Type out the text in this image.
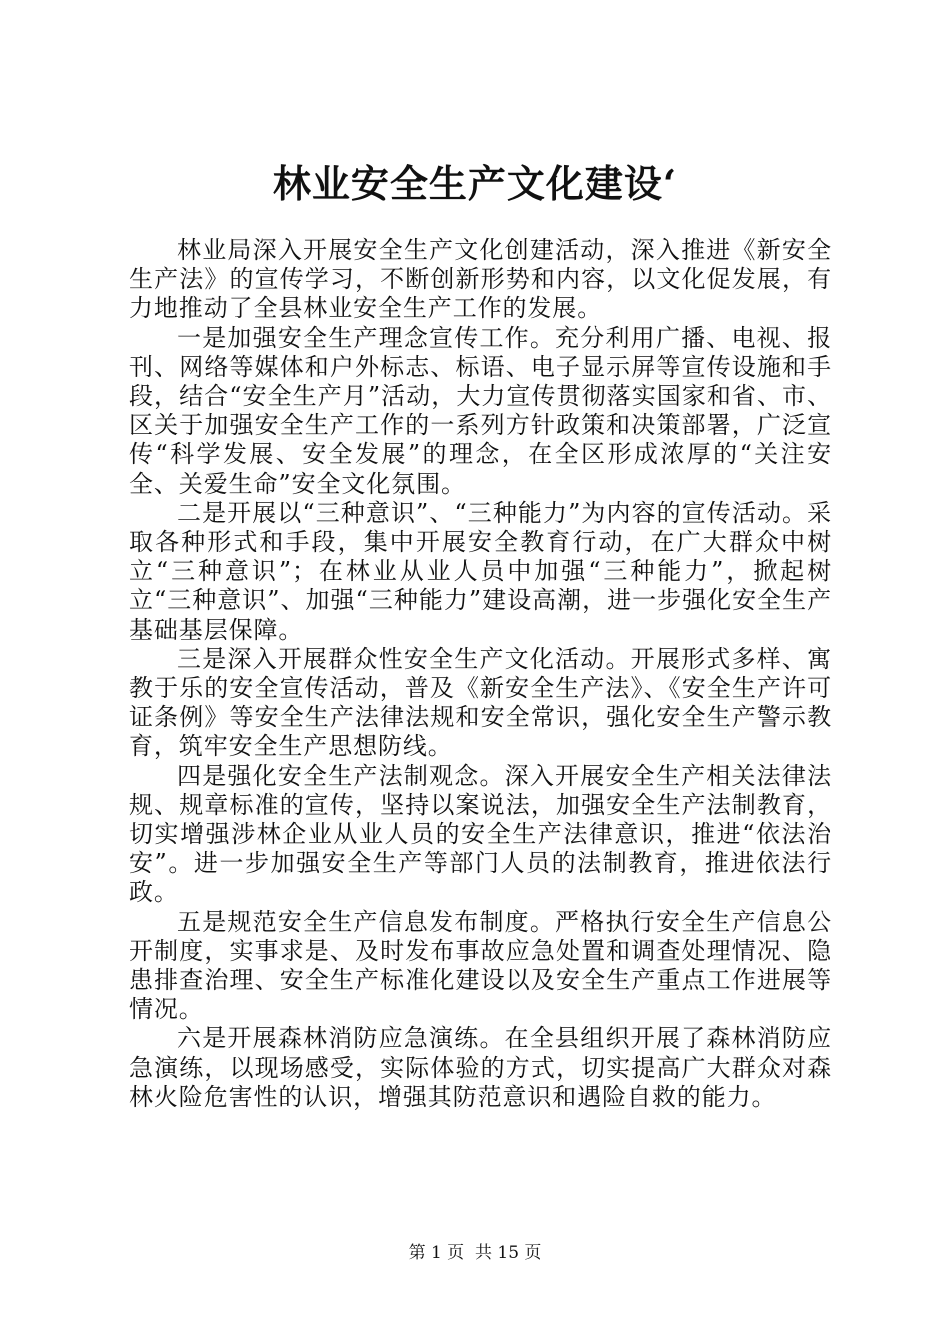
林业安全生产文化建设‘

林业局深入开展安全生产文化创建活动，深入推进《新安全生产法》的宣传学习，不断创新形势和内容，以文化促发展，有力地推动了全县林业安全生产工作的发展。

一是加强安全生产理念宣传工作。充分利用广播、电视、报刊、网络等媒体和户外标志、标语、电子显示屏等宣传设施和手段，结合“安全生产月”活动，大力宣传贯彻落实国家和省、市、区关于加强安全生产工作的一系列方针政策和决策部署，广泛宣传“科学发展、安全发展”的理念，在全区形成浓厚的“关注安全、关爱生命”安全文化氛围。

二是开展以“三种意识”、“三种能力”为内容的宣传活动。采取各种形式和手段，集中开展安全教育行动，在广大群众中树立“三种意识”；在林业从业人员中加强“三种能力”，掀起树立“三种意识”、加强“三种能力”建设高潮，进一步强化安全生产基础基层保障。

三是深入开展群众性安全生产文化活动。开展形式多样、寓教于乐的安全宣传活动，普及《新安全生产法》、《安全生产许可证条例》等安全生产法律法规和安全常识，强化安全生产警示教育，筑牢安全生产思想防线。

四是强化安全生产法制观念。深入开展安全生产相关法律法规、规章标准的宣传，坚持以案说法，加强安全生产法制教育，切实增强涉林企业从业人员的安全生产法律意识，推进“依法治安”。进一步加强安全生产等部门人员的法制教育，推进依法行政。

五是规范安全生产信息发布制度。严格执行安全生产信息公开制度，实事求是、及时发布事故应急处置和调查处理情况、隐患排查治理、安全生产标准化建设以及安全生产重点工作进展等情况。

六是开展森林消防应急演练。在全县组织开展了森林消防应急演练，以现场感受，实际体验的方式，切实提高广大群众对森林火险危害性的认识，增强其防范意识和遇险自救的能力。

第 1 页  共 15 页
